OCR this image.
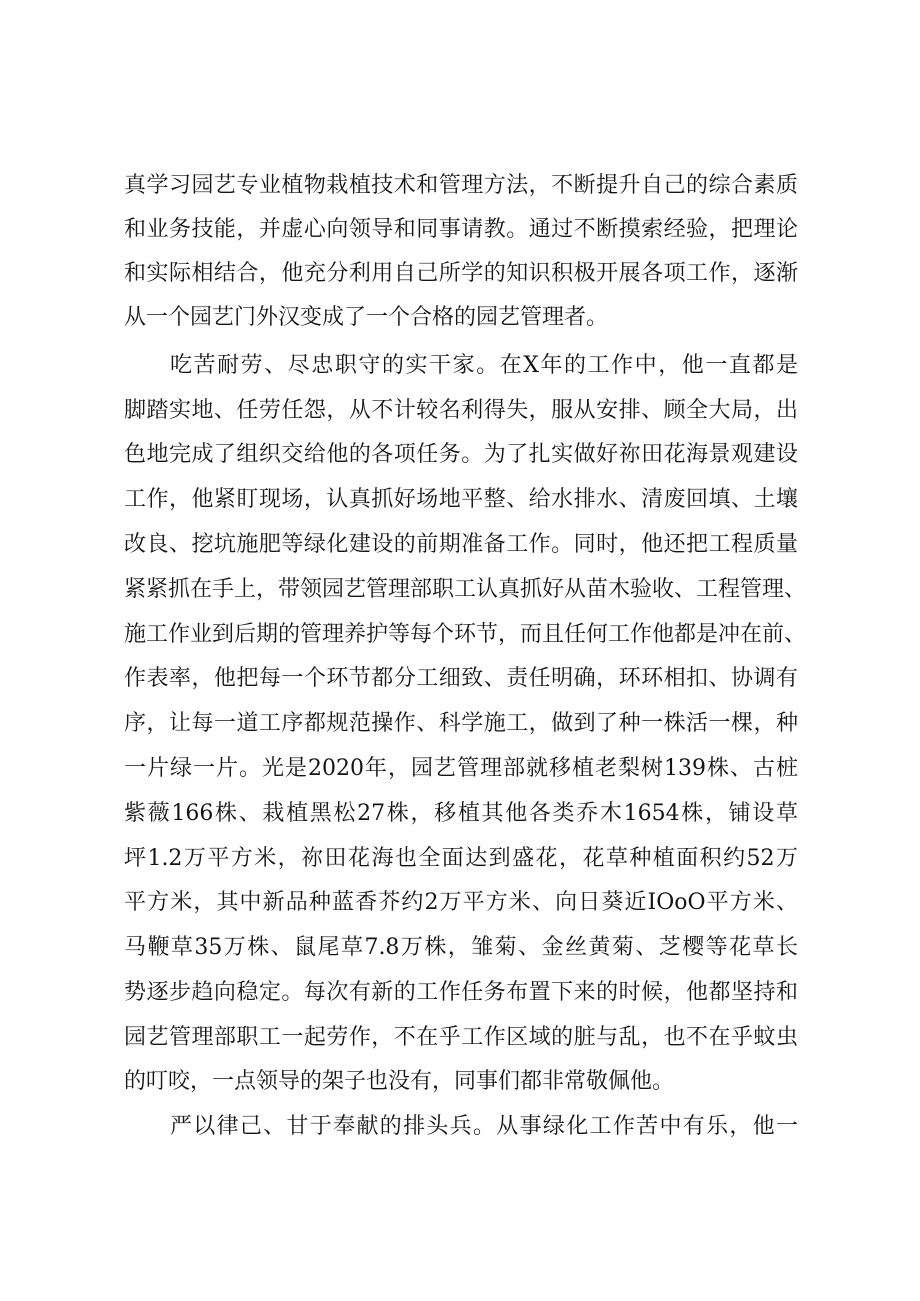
真学习园艺专业植物栽植技术和管理方法，不断提升自己的综合素质
和业务技能，并虚心向领导和同事请教。通过不断摸索经验，把理论
和实际相结合，他充分利用自己所学的知识积极开展各项工作，逐渐
从一个园艺门外汉变成了一个合格的园艺管理者。
吃苦耐劳、尽忠职守的实干家。在X年的工作中，他一直都是
脚踏实地、任劳任怨，从不计较名利得失，服从安排、顾全大局，出
色地完成了组织交给他的各项任务。为了扎实做好祢田花海景观建设
工作，他紧盯现场，认真抓好场地平整、给水排水、清废回填、土壤
改良、挖坑施肥等绿化建设的前期准备工作。同时，他还把工程质量
紧紧抓在手上，带领园艺管理部职工认真抓好从苗木验收、工程管理、
施工作业到后期的管理养护等每个环节，而且任何工作他都是冲在前、
作表率，他把每一个环节都分工细致、责任明确，环环相扣、协调有
序，让每一道工序都规范操作、科学施工，做到了种一株活一棵，种
一片绿一片。光是2020年，园艺管理部就移植老梨树139株、古桩
紫薇166株、栽植黑松27株，移植其他各类乔木1654株，铺设草
坪1.2万平方米，祢田花海也全面达到盛花，花草种植面积约52万
平方米，其中新品种蓝香芥约2万平方米、向日葵近IOoO平方米、
马鞭草35万株、鼠尾草7.8万株，雏菊、金丝黄菊、芝樱等花草长
势逐步趋向稳定。每次有新的工作任务布置下来的时候，他都坚持和
园艺管理部职工一起劳作，不在乎工作区域的脏与乱，也不在乎蚊虫
的叮咬，一点领导的架子也没有，同事们都非常敬佩他。
严以律己、甘于奉献的排头兵。从事绿化工作苦中有乐，他一
